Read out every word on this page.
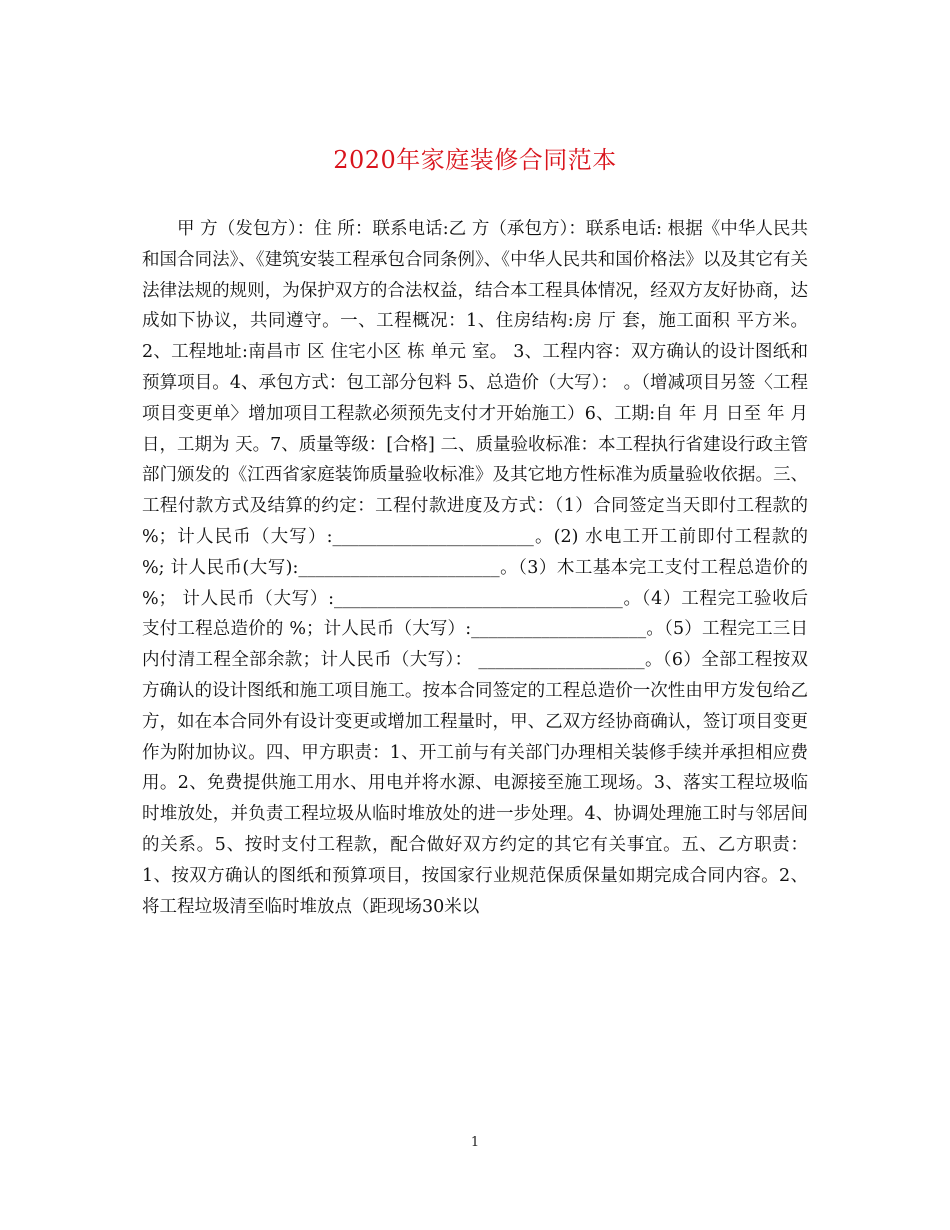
2020年家庭装修合同范本

甲 方（发包方）：住 所：联系电话:乙 方（承包方）：联系电话: 根据《中华人民共和国合同法》、《建筑安装工程承包合同条例》、《中华人民共和国价格法》以及其它有关法律法规的规则，为保护双方的合法权益，结合本工程具体情况，经双方友好协商，达成如下协议，共同遵守。一、工程概况：1、住房结构:房 厅 套，施工面积 平方米。2、工程地址:南昌市 区 住宅小区 栋 单元 室。 3、工程内容：双方确认的设计图纸和预算项目。4、承包方式：包工部分包料 5、总造价（大写）： 。（增减项目另签〈工程项目变更单〉增加项目工程款必须预先支付才开始施工）6、工期:自 年 月 日至 年 月 日，工期为 天。7、质量等级：[合格] 二、质量验收标准：本工程执行省建设行政主管部门颁发的《江西省家庭装饰质量验收标准》及其它地方性标准为质量验收依据。三、工程付款方式及结算的约定：工程付款进度及方式：（1）合同签定当天即付工程款的 %；计人民币（大写）:_______________________。(2) 水电工开工前即付工程款的 %; 计人民币(大写):_______________________。（3）木工基本完工支付工程总造价的 %； 计人民币（大写）:_________________________________。（4）工程完工验收后支付工程总造价的 %；计人民币（大写）:____________________。（5）工程完工三日内付清工程全部余款；计人民币（大写）： ___________________。（6）全部工程按双方确认的设计图纸和施工项目施工。按本合同签定的工程总造价一次性由甲方发包给乙方，如在本合同外有设计变更或增加工程量时，甲、乙双方经协商确认，签订项目变更作为附加协议。四、甲方职责：1、开工前与有关部门办理相关装修手续并承担相应费用。2、免费提供施工用水、用电并将水源、电源接至施工现场。3、落实工程垃圾临时堆放处，并负责工程垃圾从临时堆放处的进一步处理。4、协调处理施工时与邻居间的关系。5、按时支付工程款，配合做好双方约定的其它有关事宜。五、乙方职责：1、按双方确认的图纸和预算项目，按国家行业规范保质保量如期完成合同内容。2、将工程垃圾清至临时堆放点（距现场30米以

1
